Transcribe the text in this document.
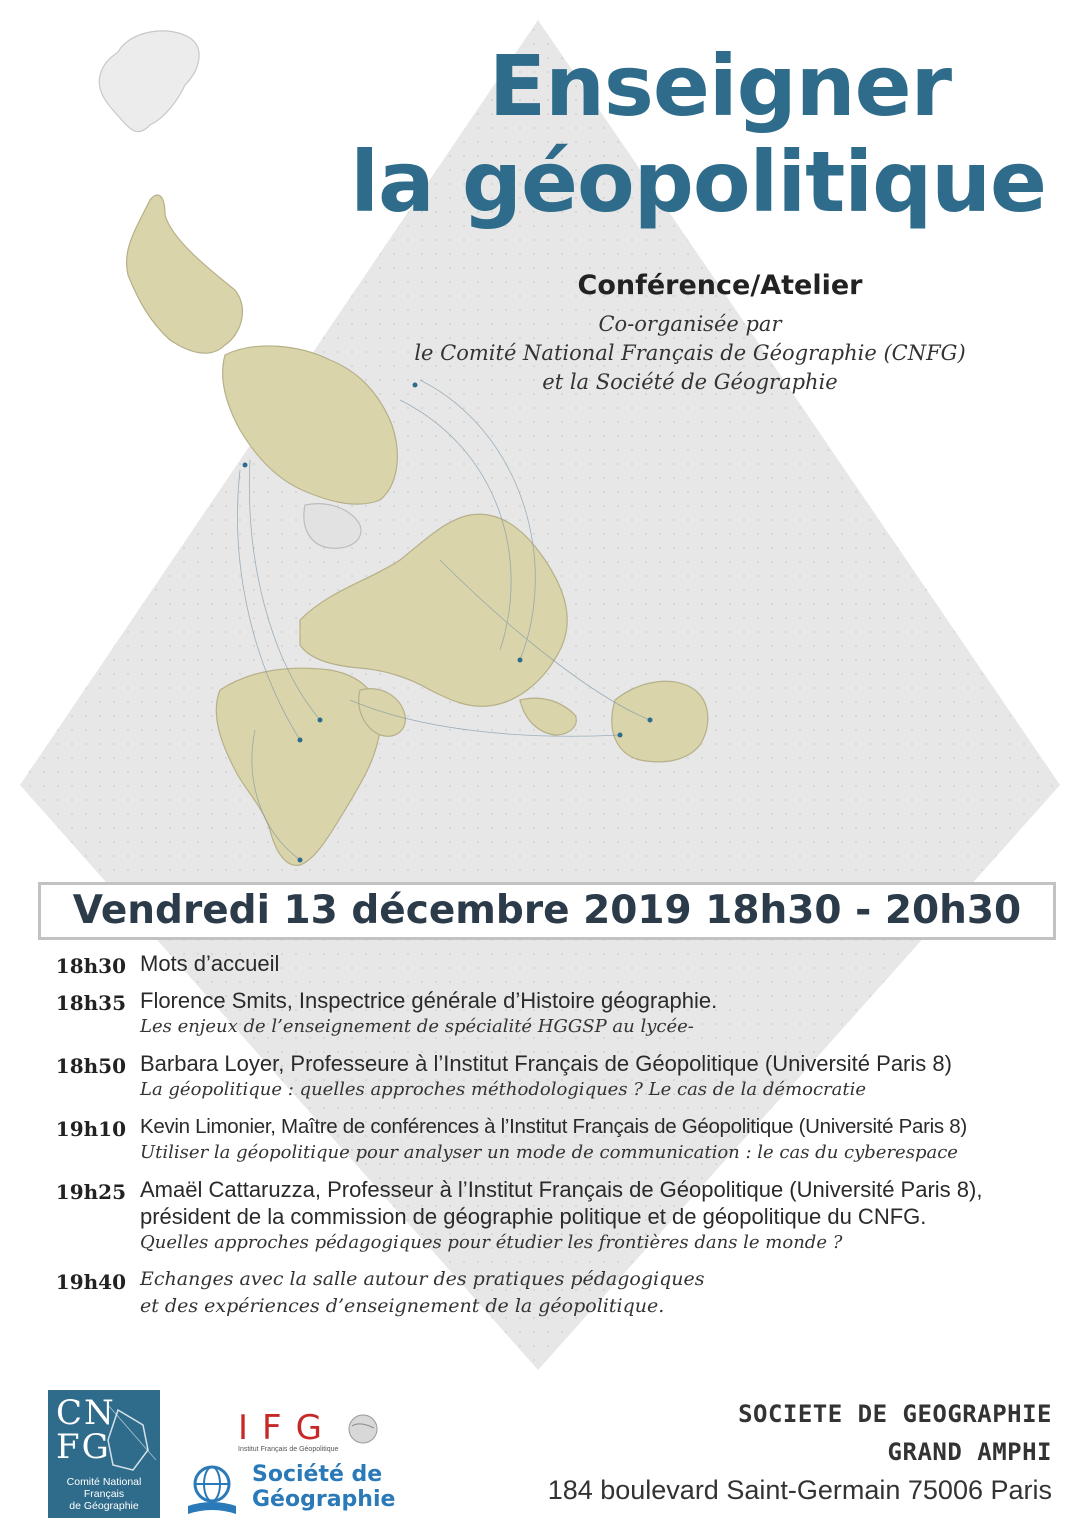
Enseigner
la géopolitique
Conférence/Atelier
Co-organisée par
le Comité National Français de Géographie (CNFG)
et la Société de Géographie
Vendredi 13 décembre 2019 18h30 - 20h30
18h30 Mots d’accueil
18h35 Florence Smits, Inspectrice générale d’Histoire géographie.
Les enjeux de l’enseignement de spécialité HGGSP au lycée-
18h50 Barbara Loyer, Professeure à l’Institut Français de Géopolitique (Université Paris 8)
La géopolitique : quelles approches méthodologiques ? Le cas de la démocratie
19h10 Kevin Limonier, Maître de conférences à l’Institut Français de Géopolitique (Université Paris 8)
Utiliser la géopolitique pour analyser un mode de communication : le cas du cyberespace
19h25 Amaël Cattaruzza, Professeur à l’Institut Français de Géopolitique (Université Paris 8), président de la commission de géographie politique et de géopolitique du CNFG.
Quelles approches pédagogiques pour étudier les frontières dans le monde ?
19h40 Echanges avec la salle autour des pratiques pédagogiques
et des expériences d’enseignement de la géopolitique.
CNFG
Comité National
Français
de Géographie
IFG
Institut Français de Géopolitique
Société de
Géographie
SOCIETE DE GEOGRAPHIE
GRAND AMPHI
184 boulevard Saint-Germain 75006 Paris
